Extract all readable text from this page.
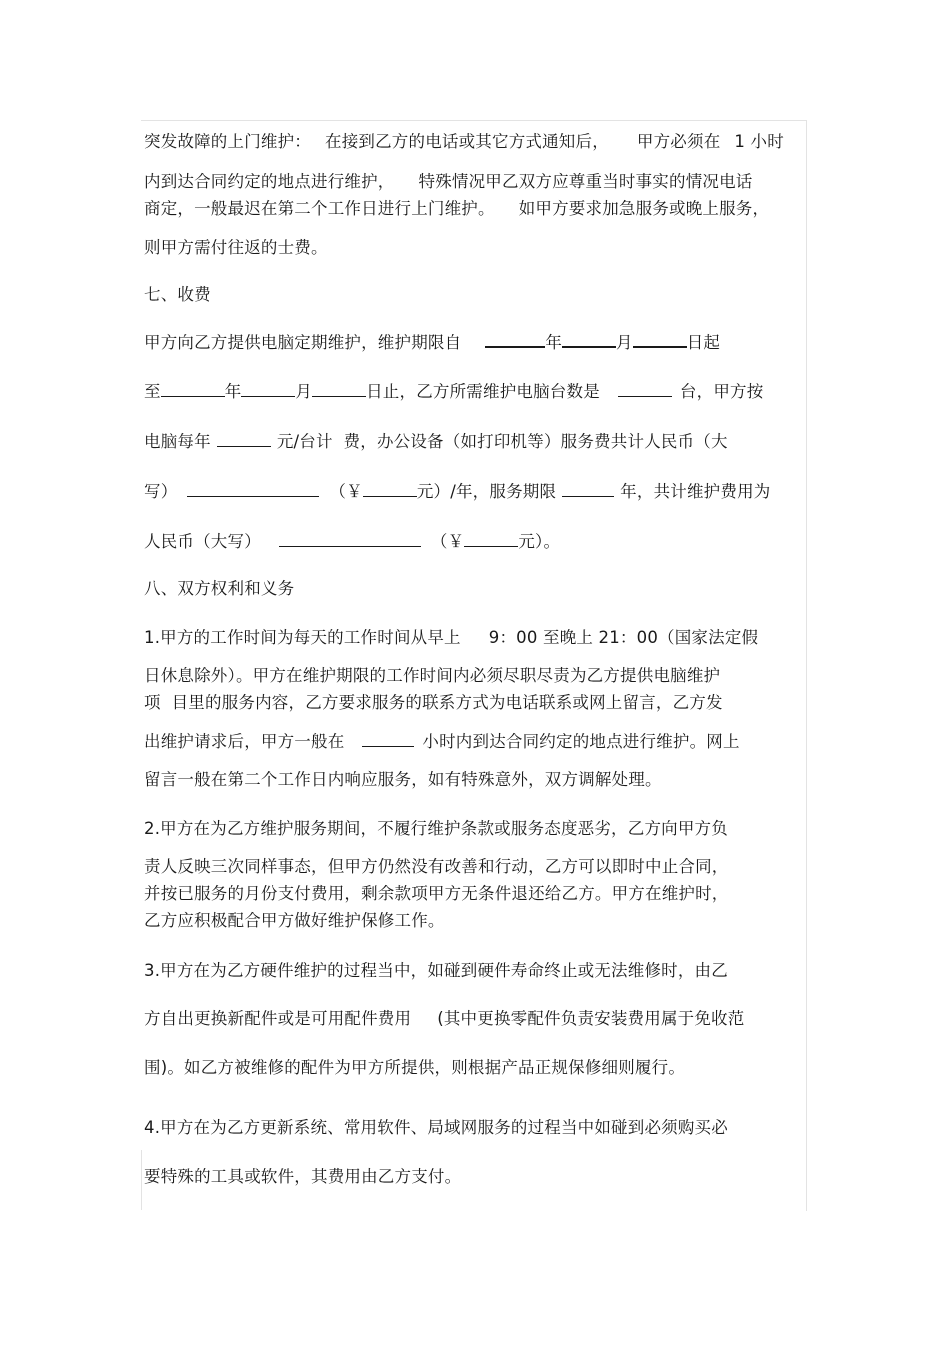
突发故障的上门维护： 在接到乙方的电话或其它方式通知后， 甲方必须在 1 小时
内到达合同约定的地点进行维护， 特殊情况甲乙双方应尊重当时事实的情况电话
商定，一般最迟在第二个工作日进行上门维护。 如甲方要求加急服务或晚上服务，
则甲方需付往返的士费。
七、收费
甲方向乙方提供电脑定期维护，维护期限自	年	月	日起
至	年	月	日止，乙方所需维护电脑台数是	台，甲方按
电脑每年	元/台计  费，办公设备（如打印机等）服务费共计人民币（大
写）	（￥	元）/年，服务期限	年，共计维护费用为
人民币（大写）	（￥	元）。
八、双方权利和义务
1.甲方的工作时间为每天的工作时间从早上 9：00 至晚上 21：00（国家法定假
日休息除外）。甲方在维护期限的工作时间内必须尽职尽责为乙方提供电脑维护
项  目里的服务内容，乙方要求服务的联系方式为电话联系或网上留言，乙方发
出维护请求后，甲方一般在	小时内到达合同约定的地点进行维护。网上
留言一般在第二个工作日内响应服务，如有特殊意外，双方调解处理。
2.甲方在为乙方维护服务期间，不履行维护条款或服务态度恶劣，乙方向甲方负
责人反映三次同样事态，但甲方仍然没有改善和行动，乙方可以即时中止合同，
并按已服务的月份支付费用，剩余款项甲方无条件退还给乙方。甲方在维护时，
乙方应积极配合甲方做好维护保修工作。
3.甲方在为乙方硬件维护的过程当中，如碰到硬件寿命终止或无法维修时，由乙
方自出更换新配件或是可用配件费用 (其中更换零配件负责安装费用属于免收范
围)。如乙方被维修的配件为甲方所提供，则根据产品正规保修细则履行。
4.甲方在为乙方更新系统、常用软件、局域网服务的过程当中如碰到必须购买必
要特殊的工具或软件，其费用由乙方支付。
